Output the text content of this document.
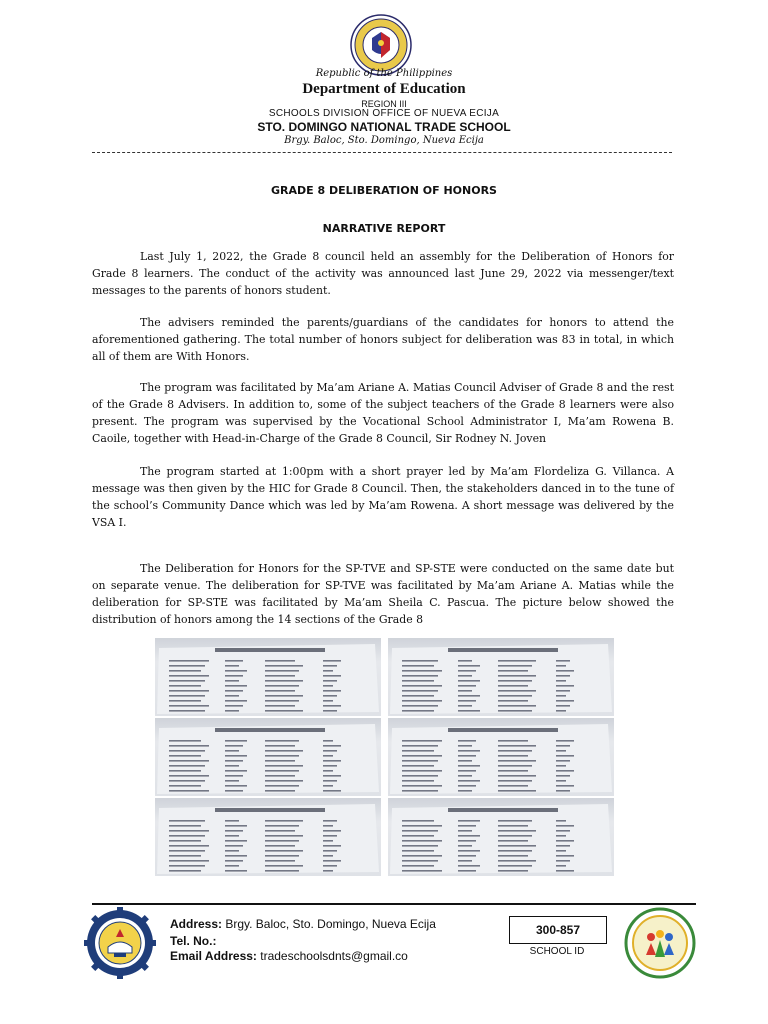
Republic of the Philippines
Department of Education
REGION III
SCHOOLS DIVISION OFFICE OF NUEVA ECIJA
STO. DOMINGO NATIONAL TRADE SCHOOL
Brgy. Baloc, Sto. Domingo, Nueva Ecija
GRADE 8 DELIBERATION OF HONORS
NARRATIVE REPORT

Last July 1, 2022, the Grade 8 council held an assembly for the Deliberation of Honors for Grade 8 learners. The conduct of the activity was announced last June 29, 2022 via messenger/text messages to the parents of honors student.

The advisers reminded the parents/guardians of the candidates for honors to attend the aforementioned gathering. The total number of honors subject for deliberation was 83 in total, in which all of them are With Honors.

The program was facilitated by Ma’am Ariane A. Matias Council Adviser of Grade 8 and the rest of the Grade 8 Advisers. In addition to, some of the subject teachers of the Grade 8 learners were also present. The program was supervised by the Vocational School Administrator I, Ma’am Rowena B. Caoile, together with Head-in-Charge of the Grade 8 Council, Sir Rodney N. Joven

The program started at 1:00pm with a short prayer led by Ma’am Flordeliza G. Villanca. A message was then given by the HIC for Grade 8 Council. Then, the stakeholders danced in to the tune of the school’s Community Dance which was led by Ma’am Rowena. A short message was delivered by the VSA I.

The Deliberation for Honors for the SP-TVE and SP-STE were conducted on the same date but on separate venue. The deliberation for SP-TVE was facilitated by Ma’am Ariane A. Matias while the deliberation for SP-STE was facilitated by Ma’am Sheila C. Pascua. The picture below showed the distribution of honors among the 14 sections of the Grade 8

Address: Brgy. Baloc, Sto. Domingo, Nueva Ecija
Tel. No.:
Email Address: tradeschoolsdnts@gmail.co
300-857
SCHOOL ID
